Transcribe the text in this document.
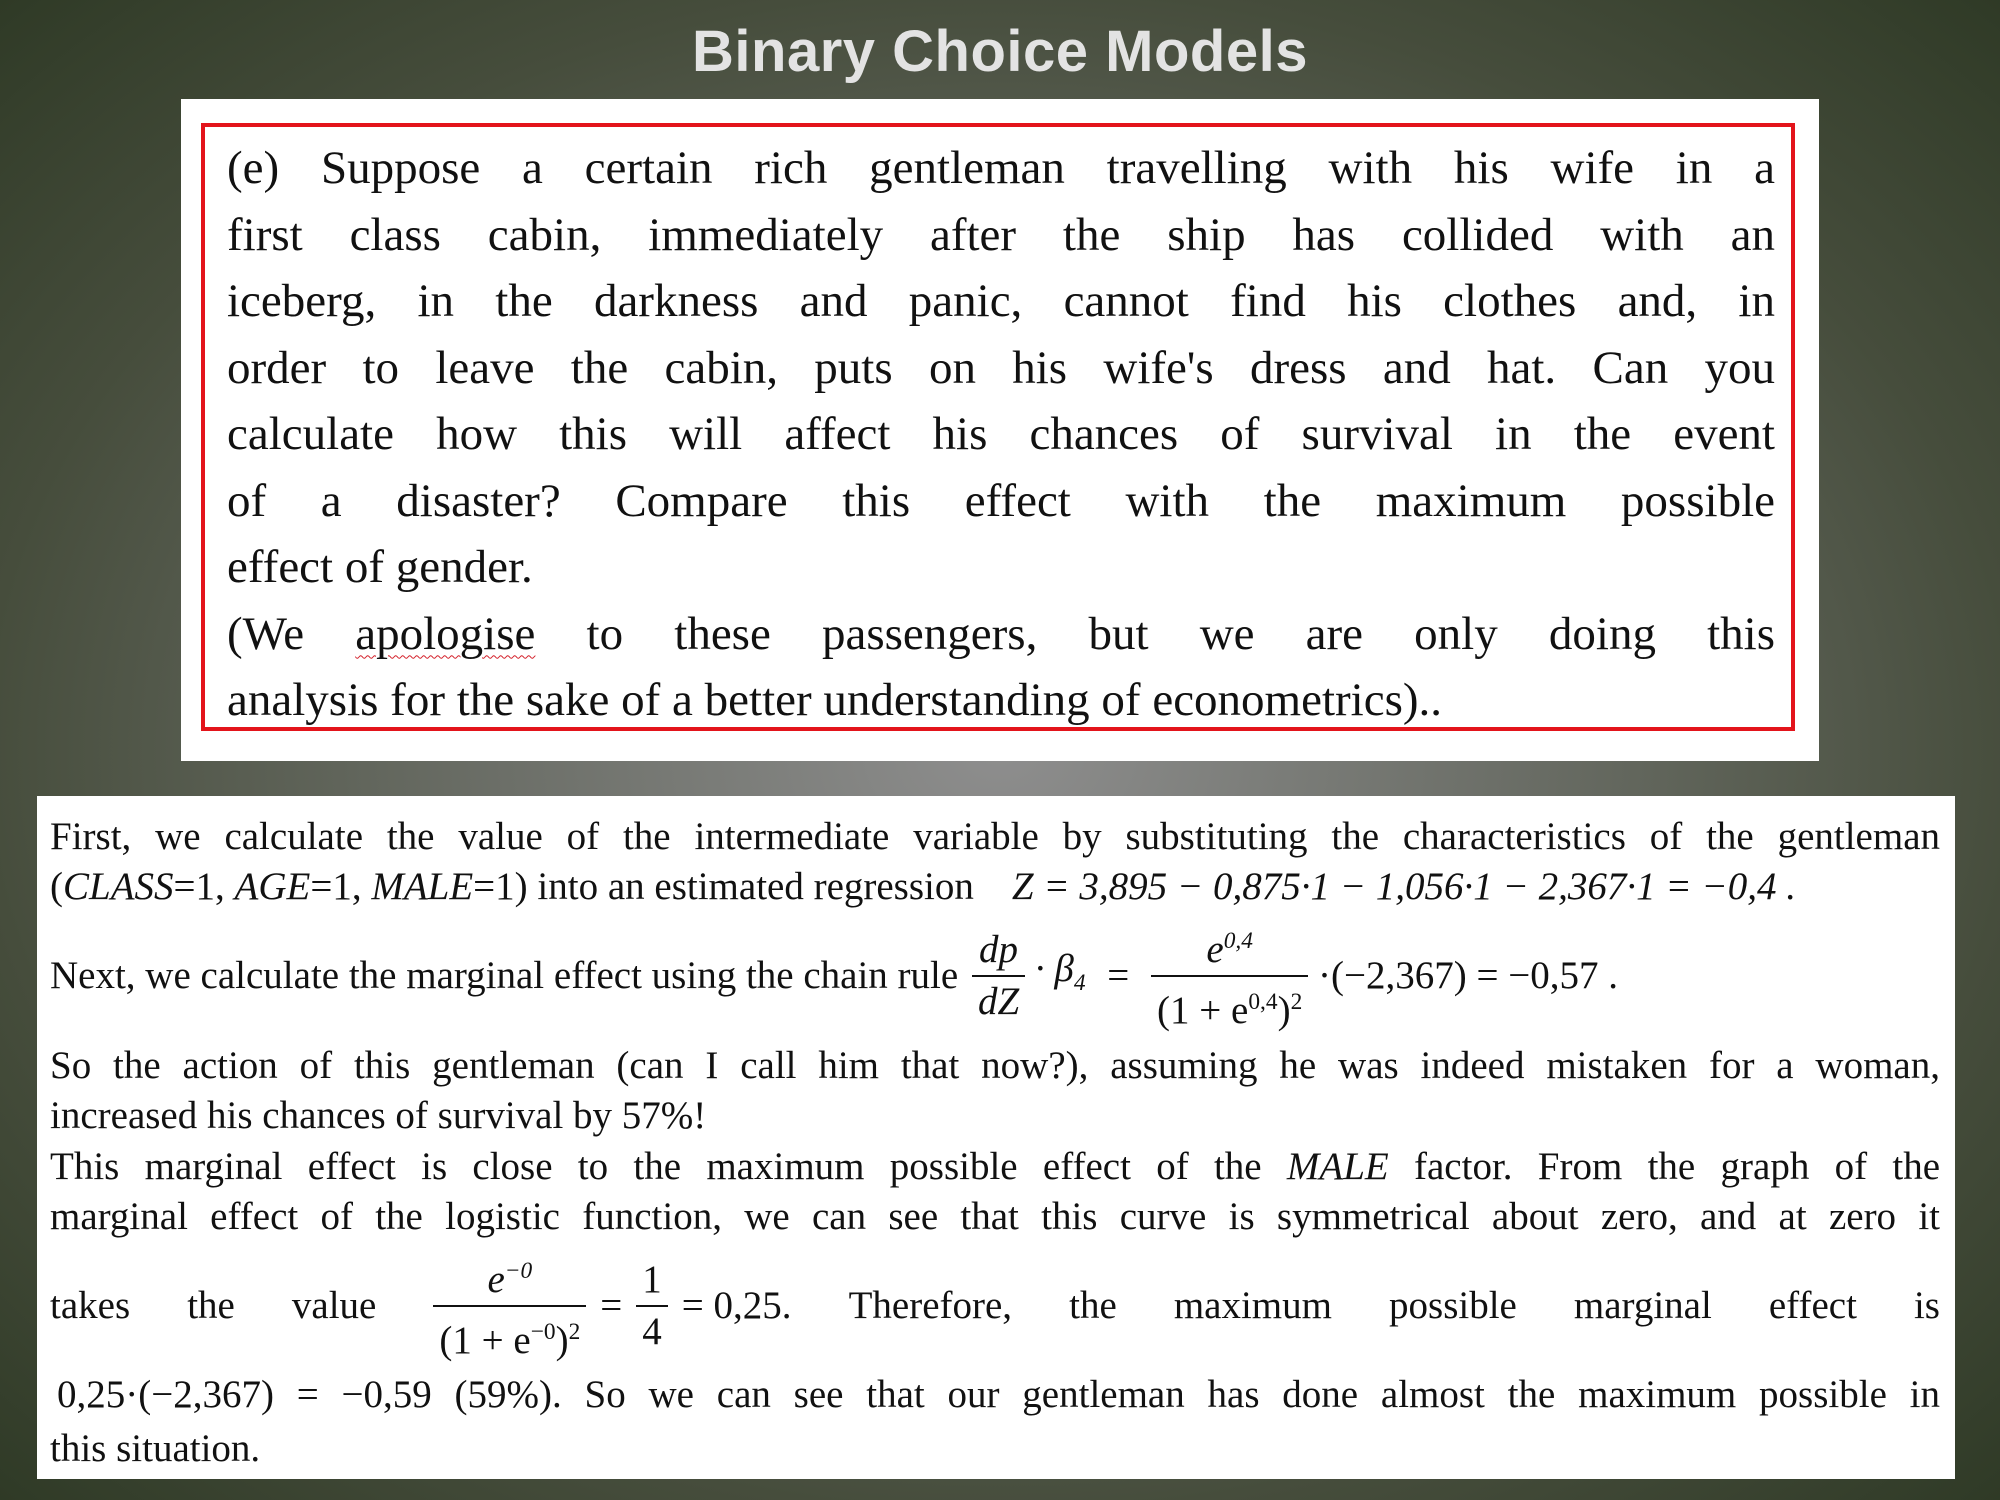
Binary Choice Models
(e) Suppose a certain rich gentleman travelling with his wife in a
first class cabin, immediately after the ship has collided with an
iceberg, in the darkness and panic, cannot find his clothes and, in
order to leave the cabin, puts on his wife's dress and hat. Can you
calculate how this will affect his chances of survival in the event
of a disaster? Compare this effect with the maximum possible
effect of gender.
(We apologise to these passengers, but we are only doing this
analysis for the sake of a better understanding of econometrics)..
First, we calculate the value of the intermediate variable by substituting the characteristics of the gentleman
(CLASS=1, AGE=1, MALE=1) into an estimated regression Z = 3,895 − 0,875·1 − 1,056·1 − 2,367·1 = −0,4 .
Next, we calculate the marginal effect using the chain rule $\frac{dp}{dZ} \cdot \beta_4 = \frac{e^{0,4}}{(1 + e^{0,4})^2} \cdot(-2,367) = -0,57$ .
So the action of this gentleman (can I call him that now?), assuming he was indeed mistaken for a woman,
increased his chances of survival by 57%!
This marginal effect is close to the maximum possible effect of the MALE factor. From the graph of the
marginal effect of the logistic function, we can see that this curve is symmetrical about zero, and at zero it
takes the value $\frac{e^{-0}}{(1 + e^{-0})^2} = \frac{1}{4} = 0,25$. Therefore, the maximum possible marginal effect is
0,25·(−2,367) = −0,59 (59%). So we can see that our gentleman has done almost the maximum possible in
this situation.
